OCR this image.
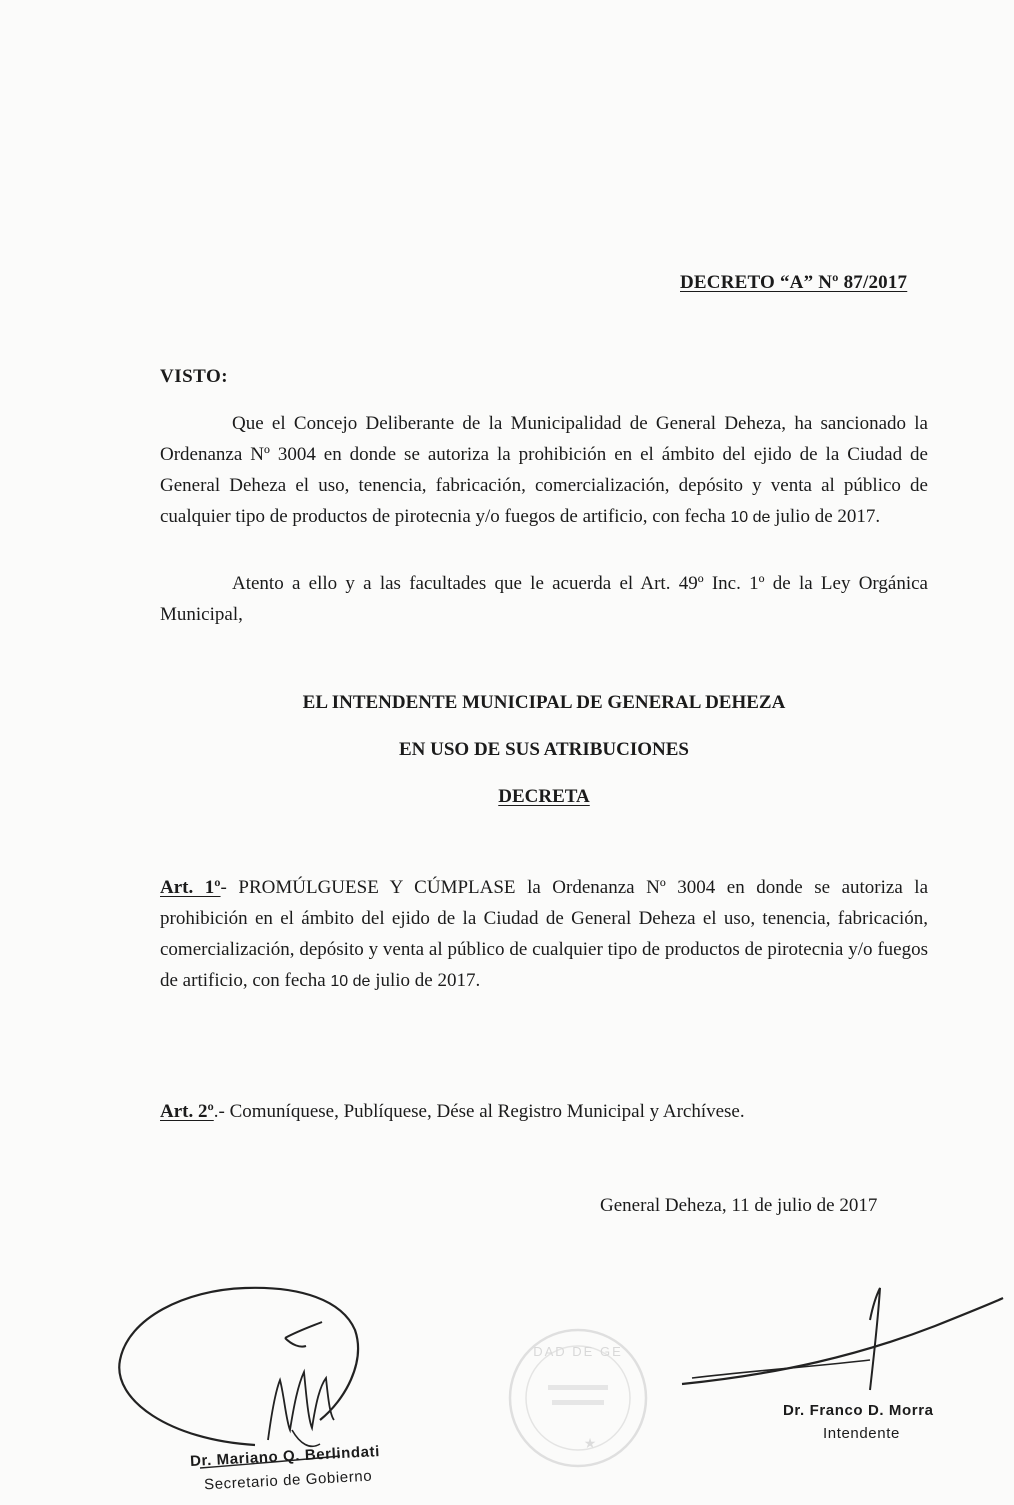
DECRETO “A” Nº 87/2017
VISTO:
Que el Concejo Deliberante de la Municipalidad de General Deheza, ha sancionado la Ordenanza Nº 3004 en donde se autoriza la prohibición en el ámbito del ejido de la Ciudad de General Deheza el uso, tenencia, fabricación, comercialización, depósito y venta al público de cualquier tipo de productos de pirotecnia y/o fuegos de artificio, con fecha 10 de julio de 2017.
Atento a ello y a las facultades que le acuerda el Art. 49º Inc. 1º de la Ley Orgánica Municipal,
EL INTENDENTE MUNICIPAL DE GENERAL DEHEZA
EN USO DE SUS ATRIBUCIONES
DECRETA
Art. 1º- PROMÚLGUESE Y CÚMPLASE la Ordenanza Nº 3004 en donde se autoriza la prohibición en el ámbito del ejido de la Ciudad de General Deheza el uso, tenencia, fabricación, comercialización, depósito y venta al público de cualquier tipo de productos de pirotecnia y/o fuegos de artificio, con fecha 10 de julio de 2017.
Art. 2º.- Comuníquese, Publíquese, Dése al Registro Municipal y Archívese.
General Deheza, 11 de julio de 2017
DAD DE GE
★
Dr. Mariano Q. Berlindati
Secretario de Gobierno
Dr. Franco D. Morra
Intendente
